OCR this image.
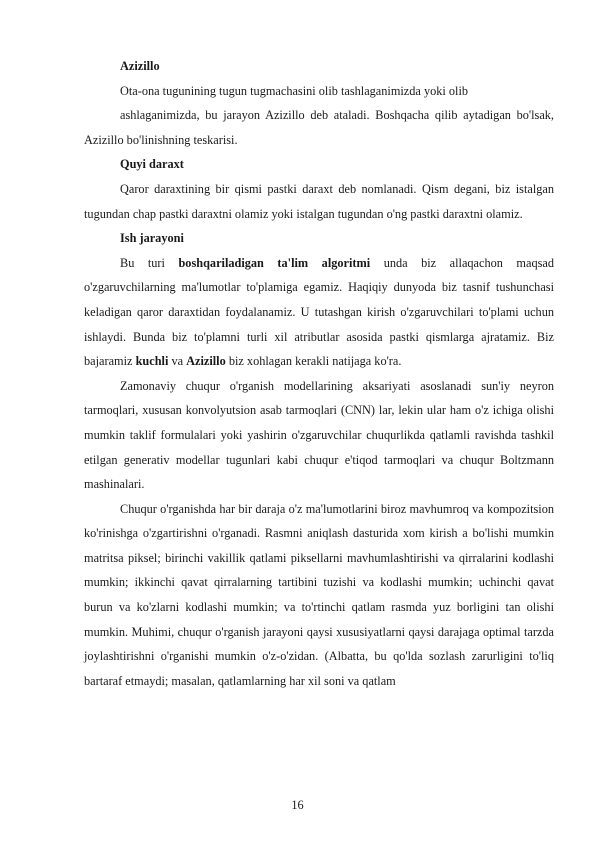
Azizillo

Ota-ona tugunining tugun tugmachasini olib tashlaganimizda yoki olib

ashlaganimizda, bu jarayon Azizillo deb ataladi. Boshqacha qilib aytadigan bo'lsak, Azizillo bo'linishning teskarisi.

Quyi daraxt

Qaror daraxtining bir qismi pastki daraxt deb nomlanadi. Qism degani, biz istalgan tugundan chap pastki daraxtni olamiz yoki istalgan tugundan o'ng pastki daraxtni olamiz.

Ish jarayoni

Bu turi boshqariladigan ta'lim algoritmi unda biz allaqachon maqsad o'zgaruvchilarning ma'lumotlar to'plamiga egamiz. Haqiqiy dunyoda biz tasnif tushunchasi keladigan qaror daraxtidan foydalanamiz. U tutashgan kirish o'zgaruvchilari to'plami uchun ishlaydi. Bunda biz to'plamni turli xil atributlar asosida pastki qismlarga ajratamiz. Biz bajaramiz kuchli va Azizillo biz xohlagan kerakli natijaga ko'ra.

Zamonaviy chuqur o'rganish modellarining aksariyati asoslanadi sun'iy neyron tarmoqlari, xususan konvolyutsion asab tarmoqlari (CNN) lar, lekin ular ham o'z ichiga olishi mumkin taklif formulalari yoki yashirin o'zgaruvchilar chuqurlikda qatlamli ravishda tashkil etilgan generativ modellar tugunlari kabi chuqur e'tiqod tarmoqlari va chuqur Boltzmann mashinalari.

Chuqur o'rganishda har bir daraja o'z ma'lumotlarini biroz mavhumroq va kompozitsion ko'rinishga o'zgartirishni o'rganadi. Rasmni aniqlash dasturida xom kirish a bo'lishi mumkin matritsa piksel; birinchi vakillik qatlami piksellarni mavhumlashtirishi va qirralarini kodlashi mumkin; ikkinchi qavat qirralarning tartibini tuzishi va kodlashi mumkin; uchinchi qavat burun va ko'zlarni kodlashi mumkin; va to'rtinchi qatlam rasmda yuz borligini tan olishi mumkin. Muhimi, chuqur o'rganish jarayoni qaysi xususiyatlarni qaysi darajaga optimal tarzda joylashtirishni o'rganishi mumkin o'z-o'zidan. (Albatta, bu qo'lda sozlash zarurligini to'liq bartaraf etmaydi; masalan, qatlamlarning har xil soni va qatlam

16
